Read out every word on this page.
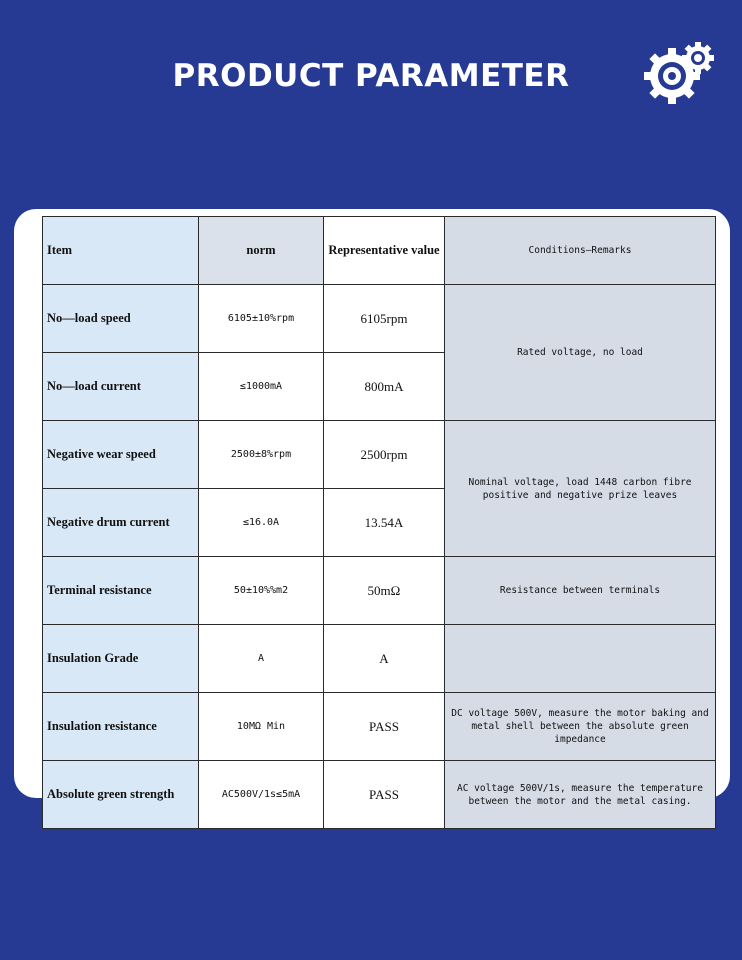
PRODUCT PARAMETER
Item	norm	Representative value	Conditions—Remarks
No—load speed	6105±10%rpm	6105rpm	Rated voltage, no load
No—load current	≤1000mA	800mA	
Negative wear speed	2500±8%rpm	2500rpm	Nominal voltage, load 1448 carbon fibre positive and negative prize leaves
Negative drum current	≤16.0A	13.54A	
Terminal resistance	50±10%%m2	50mΩ	Resistance between terminals
Insulation Grade	A	A	
Insulation resistance	10MΩ Min	PASS	DC voltage 500V, measure the motor baking and metal shell between the absolute green impedance
Absolute green strength	AC500V/1s≤5mA	PASS	AC voltage 500V/1s, measure the temperature between the motor and the metal casing.
